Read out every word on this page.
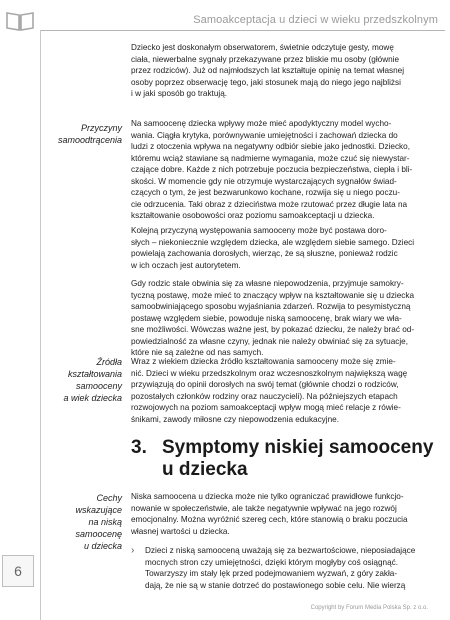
Samoakceptacja u dzieci w wieku przedszkolnym

Dziecko jest doskonałym obserwatorem, świetnie odczytuje gesty, mowę
ciała, niewerbalne sygnały przekazywane przez bliskie mu osoby (głównie
przez rodziców). Już od najmłodszych lat kształtuje opinię na temat własnej
osoby poprzez obserwację tego, jaki stosunek mają do niego jego najbliżsi
i w jaki sposób go traktują.

Przyczyny
samoodtrącenia

Na samoocenę dziecka wpływy może mieć apodyktyczny model wycho-
wania. Ciągła krytyka, porównywanie umiejętności i zachowań dziecka do
ludzi z otoczenia wpływa na negatywny odbiór siebie jako jednostki. Dziecko,
któremu wciąż stawiane są nadmierne wymagania, może czuć się niewystar-
czające dobre. Każde z nich potrzebuje poczucia bezpieczeństwa, ciepła i bli-
skości. W momencie gdy nie otrzymuje wystarczających sygnałów świad-
czących o tym, że jest bezwarunkowo kochane, rozwija się u niego poczu-
cie odrzucenia. Taki obraz z dzieciństwa może rzutować przez długie lata na
kształtowanie osobowości oraz poziomu samoakceptacji u dziecka.

Kolejną przyczyną występowania samooceny może być postawa doro-
słych – niekoniecznie względem dziecka, ale względem siebie samego. Dzieci
powielają zachowania dorosłych, wierząc, że są słuszne, ponieważ rodzic
w ich oczach jest autorytetem.

Gdy rodzic stale obwinia się za własne niepowodzenia, przyjmuje samokry-
tyczną postawę, może mieć to znaczący wpływ na kształtowanie się u dziecka
samoobwiniającego sposobu wyjaśniania zdarzeń. Rozwija to pesymistyczną
postawę względem siebie, powoduje niską samoocenę, brak wiary we wła-
sne możliwości. Wówczas ważne jest, by pokazać dziecku, że należy brać od-
powiedzialność za własne czyny, jednak nie należy obwiniać się za sytuacje,
które nie są zależne od nas samych.

Źródła
kształtowania
samooceny
a wiek dziecka

Wraz z wiekiem dziecka źródło kształtowania samooceny może się zmie-
nić. Dzieci w wieku przedszkolnym oraz wczesnoszkolnym największą wagę
przywiązują do opinii dorosłych na swój temat (głównie chodzi o rodziców,
pozostałych członków rodziny oraz nauczycieli). Na późniejszych etapach
rozwojowych na poziom samoakceptacji wpływ mogą mieć relacje z rówie-
śnikami, zawody miłosne czy niepowodzenia edukacyjne.

3. Symptomy niskiej samooceny
u dziecka
Cechy
wskazujące
na niską
samoocenę
u dziecka

Niska samoocena u dziecka może nie tylko ograniczać prawidłowe funkcjo-
nowanie w społeczeństwie, ale także negatywnie wpływać na jego rozwój
emocjonalny. Można wyróżnić szereg cech, które stanowią o braku poczucia
własnej wartości u dziecka.

› Dzieci z niską samooceną uważają się za bezwartościowe, nieposiadające
mocnych stron czy umiejętności, dzięki którym mogłyby coś osiągnąć.
Towarzyszy im stały lęk przed podejmowaniem wyzwań, z góry zakła-
dają, że nie są w stanie dotrzeć do postawionego sobie celu. Nie wierzą
6
Copyright by Forum Media Polska Sp. z o.o.
